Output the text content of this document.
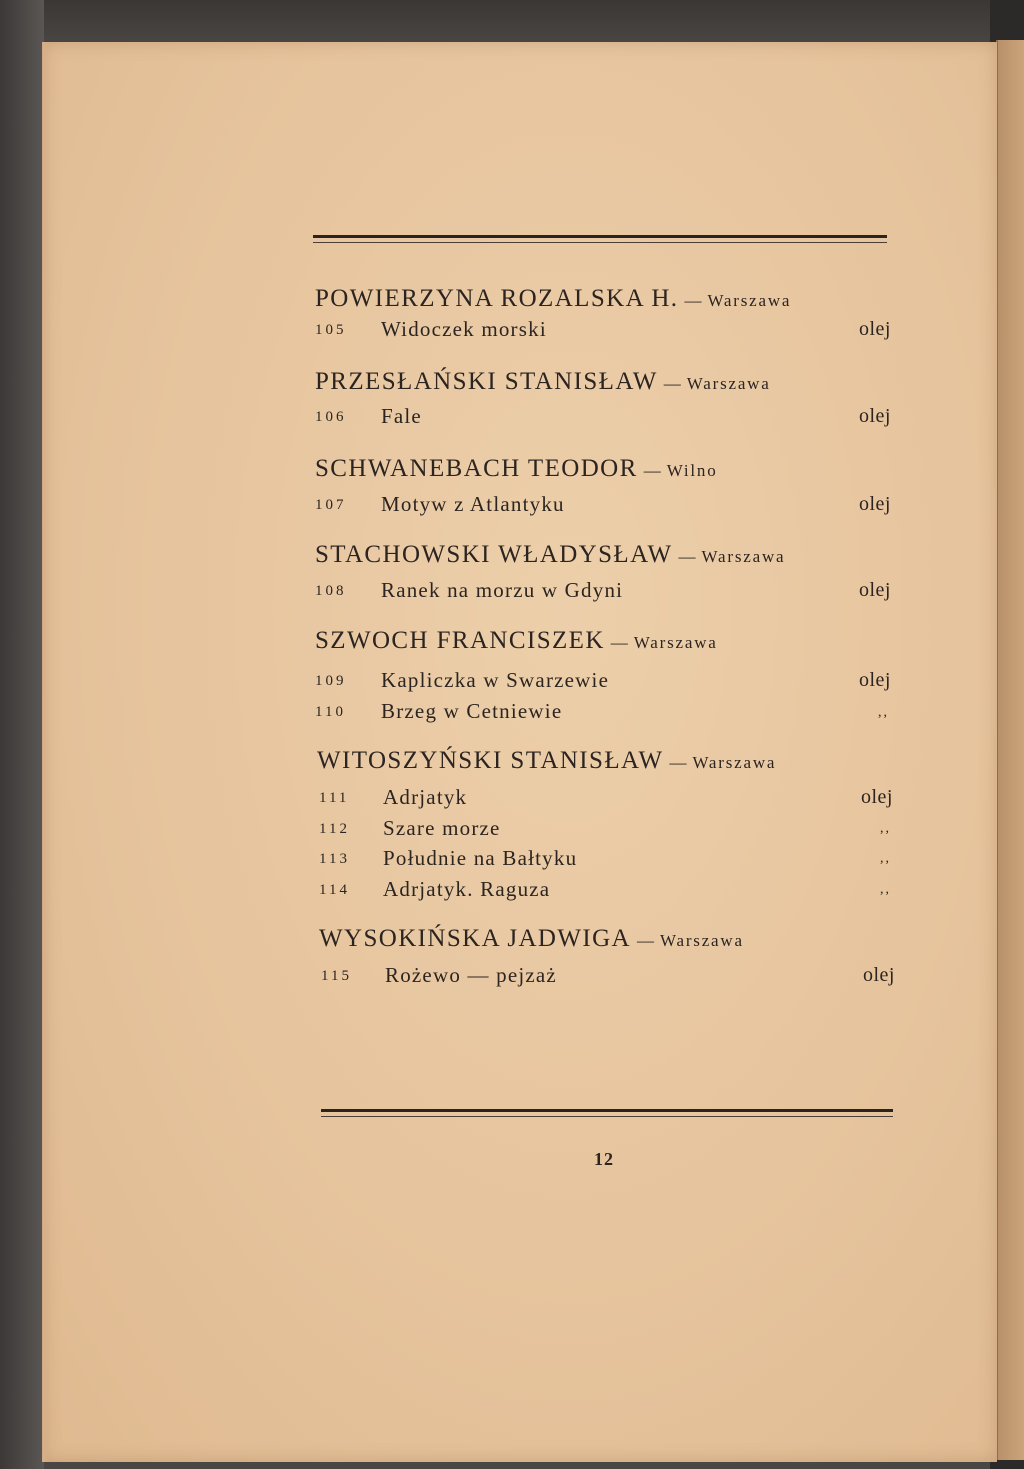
POWIERZYNA ROZALSKA H. — Warszawa
105 Widoczek morski	olej
PRZESŁAŃSKI STANISŁAW — Warszawa
106 Fale	olej
SCHWANEBACH TEODOR — Wilno
107 Motyw z Atlantyku	olej
STACHOWSKI WŁADYSŁAW — Warszawa
108 Ranek na morzu w Gdyni	olej
SZWOCH FRANCISZEK — Warszawa
109 Kapliczka w Swarzewie	olej
110 Brzeg w Cetniewie	,,
WITOSZYŃSKI STANISŁAW — Warszawa
111 Adrjatyk	olej
112 Szare morze	,,
113 Południe na Bałtyku	,,
114 Adrjatyk. Raguza	,,
WYSOKIŃSKA JADWIGA — Warszawa
115 Rożewo — pejzaż	olej
12
